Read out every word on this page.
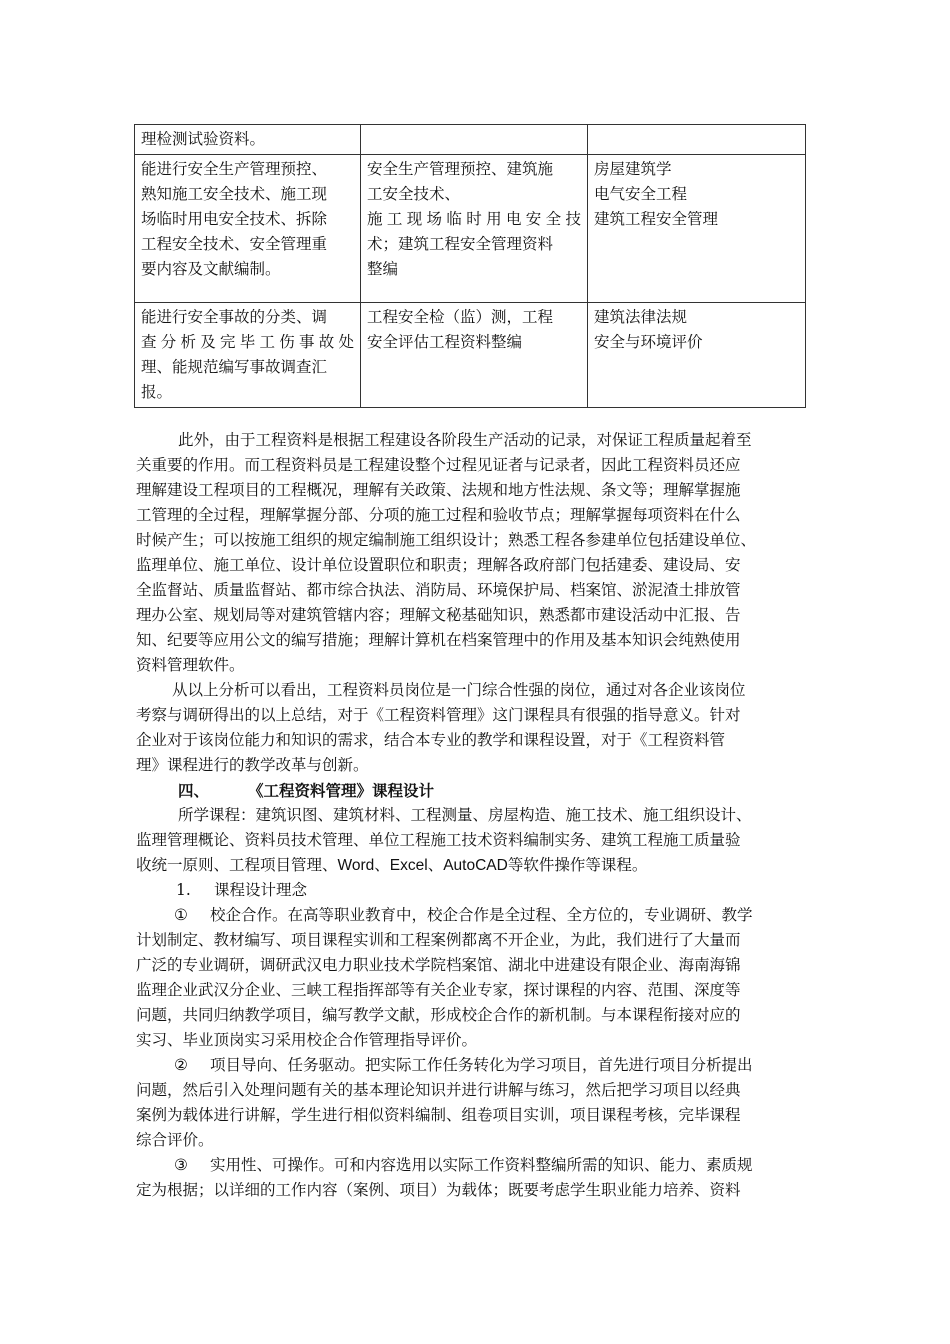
理检测试验资料。		

能进行安全生产管理预控、
熟知施工安全技术、施工现
场临时用电安全技术、拆除
工程安全技术、安全管理重
要内容及文献编制。	安全生产管理预控、建筑施
工安全技术、
施工现场临时用电安全技
术；建筑工程安全管理资料
整编	房屋建筑学
电气安全工程
建筑工程安全管理

能进行安全事故的分类、调
查分析及完毕工伤事故处
理、能规范编写事故调查汇
报。	工程安全检（监）测，工程
安全评估工程资料整编	建筑法律法规
安全与环境评价
此外，由于工程资料是根据工程建设各阶段生产活动的记录，对保证工程质量起着至
关重要的作用。而工程资料员是工程建设整个过程见证者与记录者，因此工程资料员还应
理解建设工程项目的工程概况，理解有关政策、法规和地方性法规、条文等；理解掌握施
工管理的全过程，理解掌握分部、分项的施工过程和验收节点；理解掌握每项资料在什么
时候产生；可以按施工组织的规定编制施工组织设计；熟悉工程各参建单位包括建设单位、
监理单位、施工单位、设计单位设置职位和职责；理解各政府部门包括建委、建设局、安
全监督站、质量监督站、都市综合执法、消防局、环境保护局、档案馆、淤泥渣土排放管
理办公室、规划局等对建筑管辖内容；理解文秘基础知识，熟悉都市建设活动中汇报、告
知、纪要等应用公文的编写措施；理解计算机在档案管理中的作用及基本知识会纯熟使用
资料管理软件。
从以上分析可以看出，工程资料员岗位是一门综合性强的岗位，通过对各企业该岗位
考察与调研得出的以上总结，对于《工程资料管理》这门课程具有很强的指导意义。针对
企业对于该岗位能力和知识的需求，结合本专业的教学和课程设置，对于《工程资料管
理》课程进行的教学改革与创新。
四、	《工程资料管理》课程设计
所学课程：建筑识图、建筑材料、工程测量、房屋构造、施工技术、施工组织设计、
监理管理概论、资料员技术管理、单位工程施工技术资料编制实务、建筑工程施工质量验
收统一原则、工程项目管理、Word、Excel、AutoCAD等软件操作等课程。
1. 课程设计理念
① 校企合作。在高等职业教育中，校企合作是全过程、全方位的，专业调研、教学
计划制定、教材编写、项目课程实训和工程案例都离不开企业，为此，我们进行了大量而
广泛的专业调研，调研武汉电力职业技术学院档案馆、湖北中进建设有限企业、海南海锦
监理企业武汉分企业、三峡工程指挥部等有关企业专家，探讨课程的内容、范围、深度等
问题，共同归纳教学项目，编写教学文献，形成校企合作的新机制。与本课程衔接对应的
实习、毕业顶岗实习采用校企合作管理指导评价。
② 项目导向、任务驱动。把实际工作任务转化为学习项目，首先进行项目分析提出
问题，然后引入处理问题有关的基本理论知识并进行讲解与练习，然后把学习项目以经典
案例为载体进行讲解，学生进行相似资料编制、组卷项目实训，项目课程考核，完毕课程
综合评价。
③ 实用性、可操作。可和内容选用以实际工作资料整编所需的知识、能力、素质规
定为根据；以详细的工作内容（案例、项目）为载体；既要考虑学生职业能力培养、资料
